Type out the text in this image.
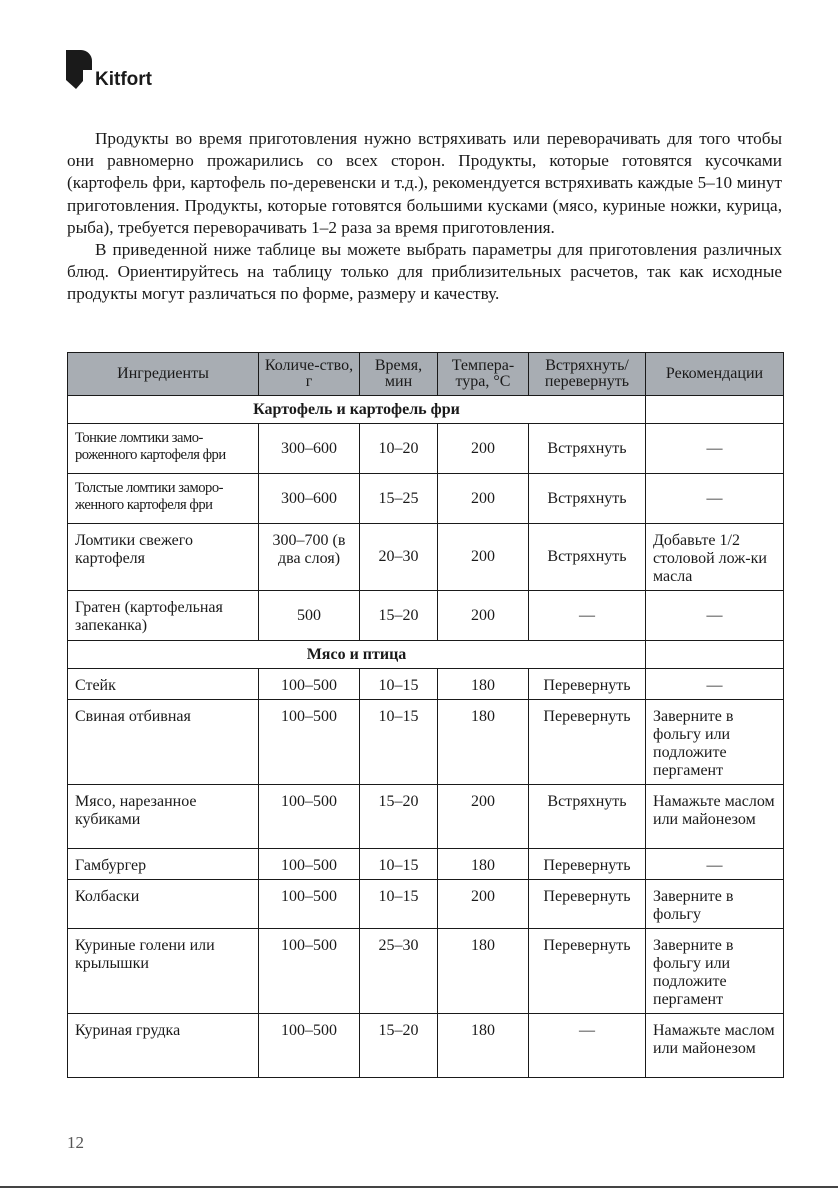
Kitfort

Продукты во время приготовления нужно встряхивать или переворачивать для того чтобы они равномерно прожарились со всех сторон. Продукты, которые готовятся кусочками (картофель фри, картофель по-деревенски и т.д.), рекомендуется встряхивать каждые 5–10 минут приготовления. Продукты, которые готовятся большими кусками (мясо, куриные ножки, курица, рыба), требуется переворачивать 1–2 раза за время приготовления.

В приведенной ниже таблице вы можете выбрать параметры для приготовления различных блюд. Ориентируйтесь на таблицу только для приблизительных расчетов, так как исходные продукты могут различаться по форме, размеру и качеству.

Ингредиенты	Количе-ство, г	Время, мин	Темпера-тура, °С	Встряхнуть/ перевернуть	Рекомендации
Картофель и картофель фри					
Тонкие ломтики замо-роженного картофеля фри	300–600	10–20	200	Встряхнуть	—
Толстые ломтики заморо-женного картофеля фри	300–600	15–25	200	Встряхнуть	—
Ломтики свежего картофеля	300–700 (в два слоя)	20–30	200	Встряхнуть	Добавьте 1/2 столовой лож-ки масла
Гратен (картофельная запеканка)	500	15–20	200	—	—
Мясо и птица					
Стейк	100–500	10–15	180	Перевернуть	—
Свиная отбивная	100–500	10–15	180	Перевернуть	Заверните в фольгу или подложите пергамент
Мясо, нарезанное кубиками	100–500	15–20	200	Встряхнуть	Намажьте маслом или майонезом
Гамбургер	100–500	10–15	180	Перевернуть	—
Колбаски	100–500	10–15	200	Перевернуть	Заверните в фольгу
Куриные голени или крылышки	100–500	25–30	180	Перевернуть	Заверните в фольгу или подложите пергамент
Куриная грудка	100–500	15–20	180	—	Намажьте маслом или майонезом
12
